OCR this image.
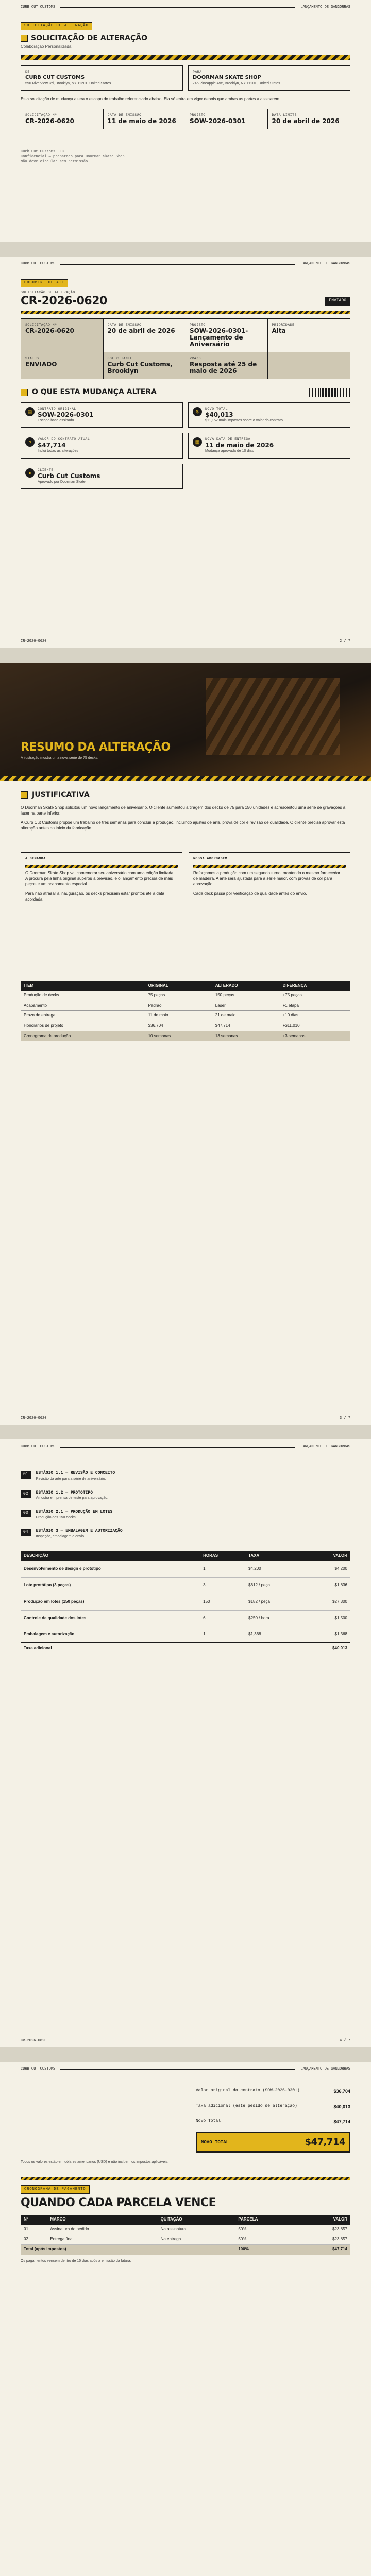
CURB CUT CUSTOMS	LANÇAMENTO DE GANGORRAS
SOLICITAÇÃO DE ALTERAÇÃO
SOLICITAÇÃO DE ALTERAÇÃO
Colaboração Personalizada
DE
CURB CUT CUSTOMS
590 Riverview Rd, Brooklyn, NY 11201, United States
PARA
DOORMAN SKATE SHOP
745 Pineapple Ave, Brooklyn, NY 11201, United States

Esta solicitação de mudança altera o escopo do trabalho referenciado abaixo. Ela só entra em vigor depois que ambas as partes a assinarem.

SOLICITAÇÃO Nº
CR-2026-0620
DATA DE EMISSÃO
11 de maio de 2026
PROJETO
SOW-2026-0301
DATA LIMITE
20 de abril de 2026
Curb Cut Customs LLC
Confidencial — preparado para Doorman Skate Shop
Não deve circular sem permissão.
CURB CUT CUSTOMS	LANÇAMENTO DE GANGORRAS
DOCUMENT DETAIL
SOLICITAÇÃO DE ALTERAÇÃO
CR-2026-0620	ENVIADO
SOLICITAÇÃO Nº
CR-2026-0620
DATA DE EMISSÃO
20 de abril de 2026
PROJETO
SOW-2026-0301- Lançamento de Aniversário
PRIORIDADE
Alta
STATUS
ENVIADO
SOLICITANTE
Curb Cut Customs, Brooklyn
PRAZO
Resposta até 25 de maio de 2026
O QUE ESTA MUDANÇA ALTERA
▤
CONTRATO ORIGINAL
SOW-2026-0301
Escopo base assinado
$
NOVO TOTAL
$40,013
$11,152 mais impostos sobre o valor do contrato
¤
VALOR DO CONTRATO ATUAL
$47,714
Inclui todas as alterações
▦
NOVA DATA DE ENTREGA
11 de maio de 2026
Mudança aprovada de 10 dias
●
CLIENTE
Curb Cut Customs
Aprovado por Doorman Skate
CR-2026-0620	2 / 7
RESUMO DA ALTERAÇÃO
A ilustração mostra uma nova série de 75 decks.
JUSTIFICATIVA

O Doorman Skate Shop solicitou um novo lançamento de aniversário. O cliente aumentou a tiragem dos decks de 75 para 150 unidades e acrescentou uma série de gravações a laser na parte inferior.

A Curb Cut Customs propõe um trabalho de três semanas para concluir a produção, incluindo ajustes de arte, prova de cor e revisão de qualidade. O cliente precisa aprovar esta alteração antes do início da fabricação.

A DEMANDA

O Doorman Skate Shop vai comemorar seu aniversário com uma edição limitada. A procura pela linha original superou a previsão, e o lançamento precisa de mais peças e um acabamento especial.

Para não atrasar a inauguração, os decks precisam estar prontos até a data acordada.

NOSSA ABORDAGEM

Reforçamos a produção com um segundo turno, mantendo o mesmo fornecedor de madeira. A arte será ajustada para a série maior, com provas de cor para aprovação.

Cada deck passa por verificação de qualidade antes do envio.

ITEM	ORIGINAL	ALTERADO	DIFERENÇA
Produção de decks	75 peças	150 peças	+75 peças
Acabamento	Padrão	Laser	+1 etapa
Prazo de entrega	11 de maio	21 de maio	+10 dias
Honorários de projeto	$36,704	$47,714	+$11,010
Cronograma de produção	10 semanas	13 semanas	+3 semanas
CR-2026-0620	3 / 7
CURB CUT CUSTOMS	LANÇAMENTO DE GANGORRAS
01	ESTÁGIO 1.1 — REVISÃO E CONCEITO
Revisão da arte para a série de aniversário.
02	ESTÁGIO 1.2 — PROTÓTIPO
Amostra em prensa de teste para aprovação.
03	ESTÁGIO 2.1 — PRODUÇÃO EM LOTES
Produção dos 150 decks.
04	ESTÁGIO 3 — EMBALAGEM E AUTORIZAÇÃO
Inspeção, embalagem e envio.
DESCRIÇÃO	HORAS	TAXA	VALOR
Desenvolvimento de design e prototipo	1	$4,200	$4,200
Lote protótipo (3 peças)	3	$612 / peça	$1,836
Produção em lotes (150 peças)	150	$182 / peça	$27,300
Controle de qualidade dos lotes	6	$250 / hora	$1,500
Embalagem e autorização	1	$1,368	$1,368
Taxa adicional			$40,013
CR-2026-0620	4 / 7
CURB CUT CUSTOMS	LANÇAMENTO DE GANGORRAS
Valor original do contrato (SOW-2026-0301)	$36,704
Taxa adicional (este pedido de alteração)	$40,013
Novo Total	$47,714
NOVO TOTAL	$47,714

Todos os valores estão em dólares americanos (USD) e não incluem os impostos aplicáveis.

CRONOGRAMA DE PAGAMENTO
QUANDO CADA PARCELA VENCE
Nº	MARCO	QUITAÇÃO	PARCELA	VALOR
01	Assinatura do pedido	Na assinatura	50%	$23,857
02	Entrega final	Na entrega	50%	$23,857
Total (após impostos)			100%	$47,714

Os pagamentos vencem dentro de 15 dias após a emissão da fatura.
